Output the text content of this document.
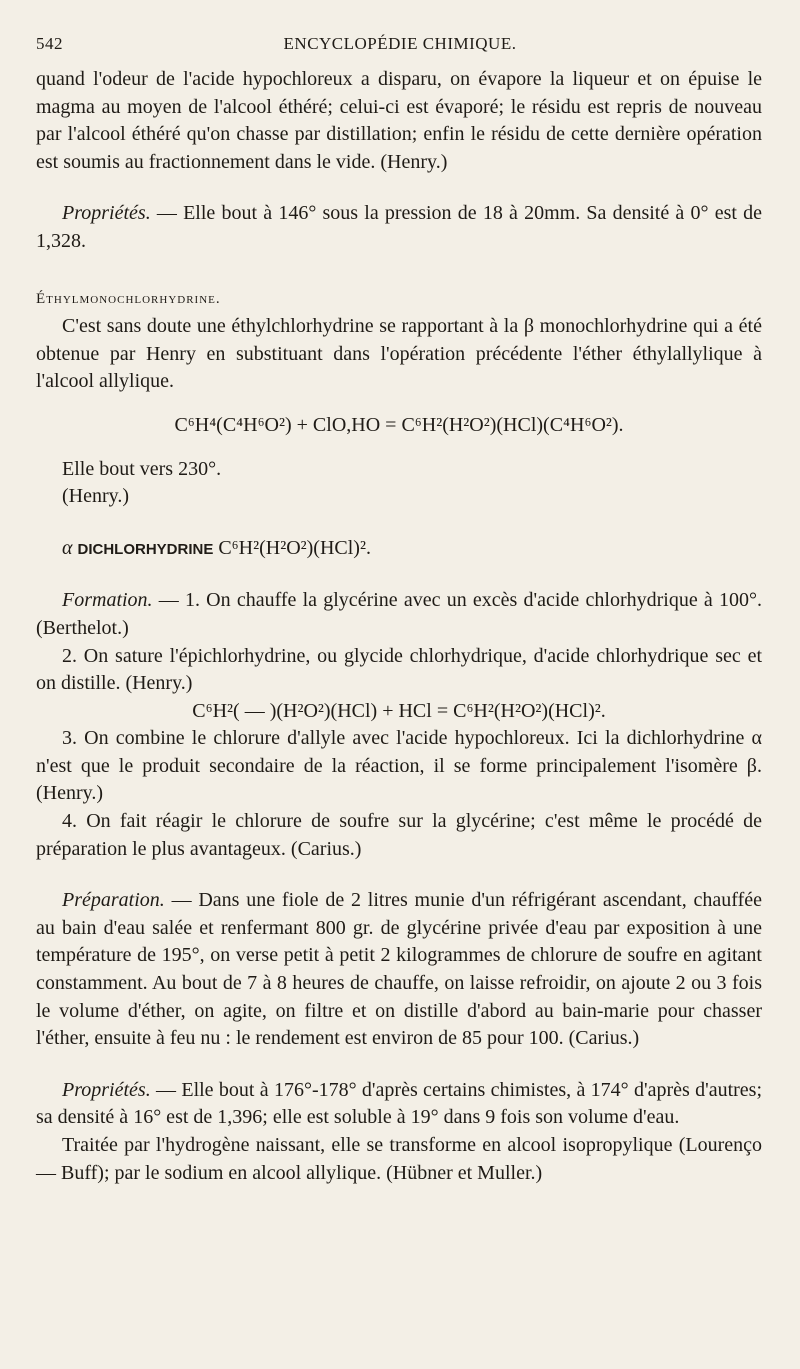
542	ENCYCLOPÉDIE CHIMIQUE.

quand l'odeur de l'acide hypochloreux a disparu, on évapore la liqueur et on épuise le magma au moyen de l'alcool éthéré; celui-ci est évaporé; le résidu est repris de nouveau par l'alcool éthéré qu'on chasse par distillation; enfin le résidu de cette dernière opération est soumis au fractionnement dans le vide. (Henry.)

Propriétés. — Elle bout à 146° sous la pression de 18 à 20mm. Sa densité à 0° est de 1,328.

Éthylmonochlorhydrine.

C'est sans doute une éthylchlorhydrine se rapportant à la β monochlorhydrine qui a été obtenue par Henry en substituant dans l'opération précédente l'éther éthylallylique à l'alcool allylique.

C⁶H⁴(C⁴H⁶O²) + ClO,HO = C⁶H²(H²O²)(HCl)(C⁴H⁶O²).

Elle bout vers 230°.

(Henry.)

α DICHLORHYDRINE C⁶H²(H²O²)(HCl)².

Formation. — 1. On chauffe la glycérine avec un excès d'acide chlorhydrique à 100°. (Berthelot.)

2. On sature l'épichlorhydrine, ou glycide chlorhydrique, d'acide chlorhydrique sec et on distille. (Henry.)

C⁶H²( — )(H²O²)(HCl) + HCl = C⁶H²(H²O²)(HCl)².

3. On combine le chlorure d'allyle avec l'acide hypochloreux. Ici la dichlorhydrine α n'est que le produit secondaire de la réaction, il se forme principalement l'isomère β. (Henry.)

4. On fait réagir le chlorure de soufre sur la glycérine; c'est même le procédé de préparation le plus avantageux. (Carius.)

Préparation. — Dans une fiole de 2 litres munie d'un réfrigérant ascendant, chauffée au bain d'eau salée et renfermant 800 gr. de glycérine privée d'eau par exposition à une température de 195°, on verse petit à petit 2 kilogrammes de chlorure de soufre en agitant constamment. Au bout de 7 à 8 heures de chauffe, on laisse refroidir, on ajoute 2 ou 3 fois le volume d'éther, on agite, on filtre et on distille d'abord au bain-marie pour chasser l'éther, ensuite à feu nu : le rendement est environ de 85 pour 100. (Carius.)

Propriétés. — Elle bout à 176°-178° d'après certains chimistes, à 174° d'après d'autres; sa densité à 16° est de 1,396; elle est soluble à 19° dans 9 fois son volume d'eau.

Traitée par l'hydrogène naissant, elle se transforme en alcool isopropylique (Lourenço — Buff); par le sodium en alcool allylique. (Hübner et Muller.)
